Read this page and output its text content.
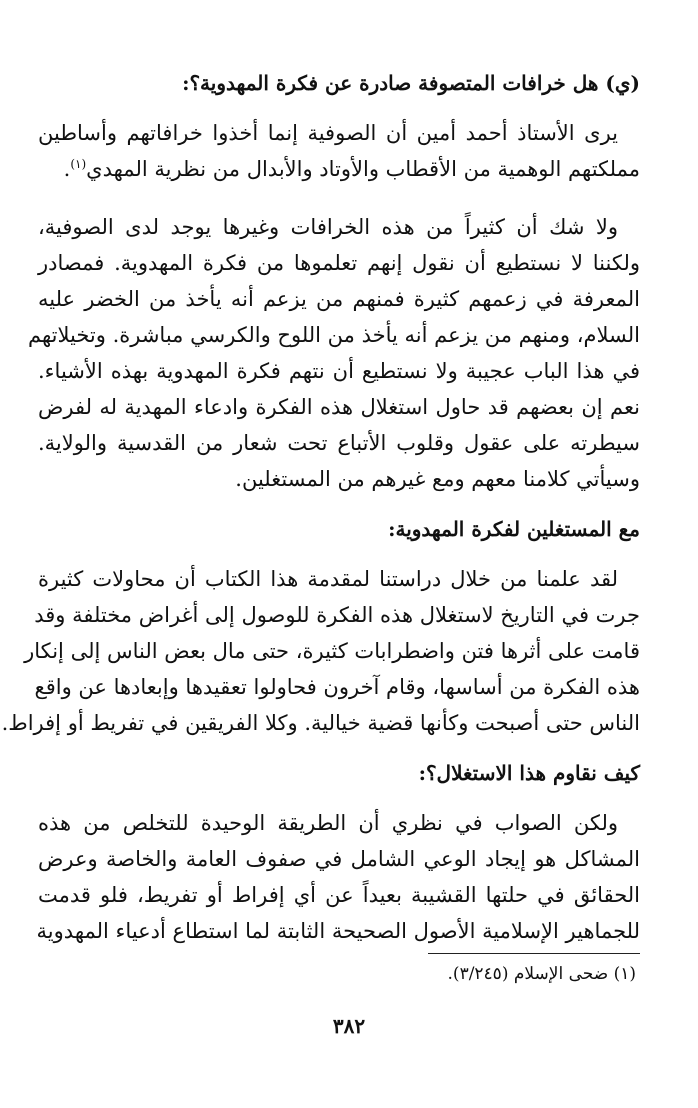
(ي) هل خرافات المتصوفة صادرة عن فكرة المهدوية؟:
يرى الأستاذ أحمد أمين أن الصوفية إنما أخذوا خرافاتهم وأساطين
مملكتهم الوهمية من الأقطاب والأوتاد والأبدال من نظرية المهدي$^{(١)}$.
ولا شك أن كثيراً من هذه الخرافات وغيرها يوجد لدى الصوفية،
ولكننا لا نستطيع أن نقول إنهم تعلموها من فكرة المهدوية. فمصادر
المعرفة في زعمهم كثيرة فمنهم من يزعم أنه يأخذ من الخضر عليه
السلام، ومنهم من يزعم أنه يأخذ من اللوح والكرسي مباشرة. وتخيلاتهم
في هذا الباب عجيبة ولا نستطيع أن نتهم فكرة المهدوية بهذه الأشياء.
نعم إن بعضهم قد حاول استغلال هذه الفكرة وادعاء المهدية له لفرض
سيطرته على عقول وقلوب الأتباع تحت شعار من القدسية والولاية.
وسيأتي كلامنا معهم ومع غيرهم من المستغلين.
مع المستغلين لفكرة المهدوية:
لقد علمنا من خلال دراستنا لمقدمة هذا الكتاب أن محاولات كثيرة
جرت في التاريخ لاستغلال هذه الفكرة للوصول إلى أغراض مختلفة وقد
قامت على أثرها فتن واضطرابات كثيرة، حتى مال بعض الناس إلى إنكار
هذه الفكرة من أساسها، وقام آخرون فحاولوا تعقيدها وإبعادها عن واقع
الناس حتى أصبحت وكأنها قضية خيالية. وكلا الفريقين في تفريط أو إفراط.
كيف نقاوم هذا الاستغلال؟:
ولكن الصواب في نظري أن الطريقة الوحيدة للتخلص من هذه
المشاكل هو إيجاد الوعي الشامل في صفوف العامة والخاصة وعرض
الحقائق في حلتها القشيبة بعيداً عن أي إفراط أو تفريط، فلو قدمت
للجماهير الإسلامية الأصول الصحيحة الثابتة لما استطاع أدعياء المهدوية
(١) ضحى الإسلام (٣/٢٤٥).
٣٨٢
